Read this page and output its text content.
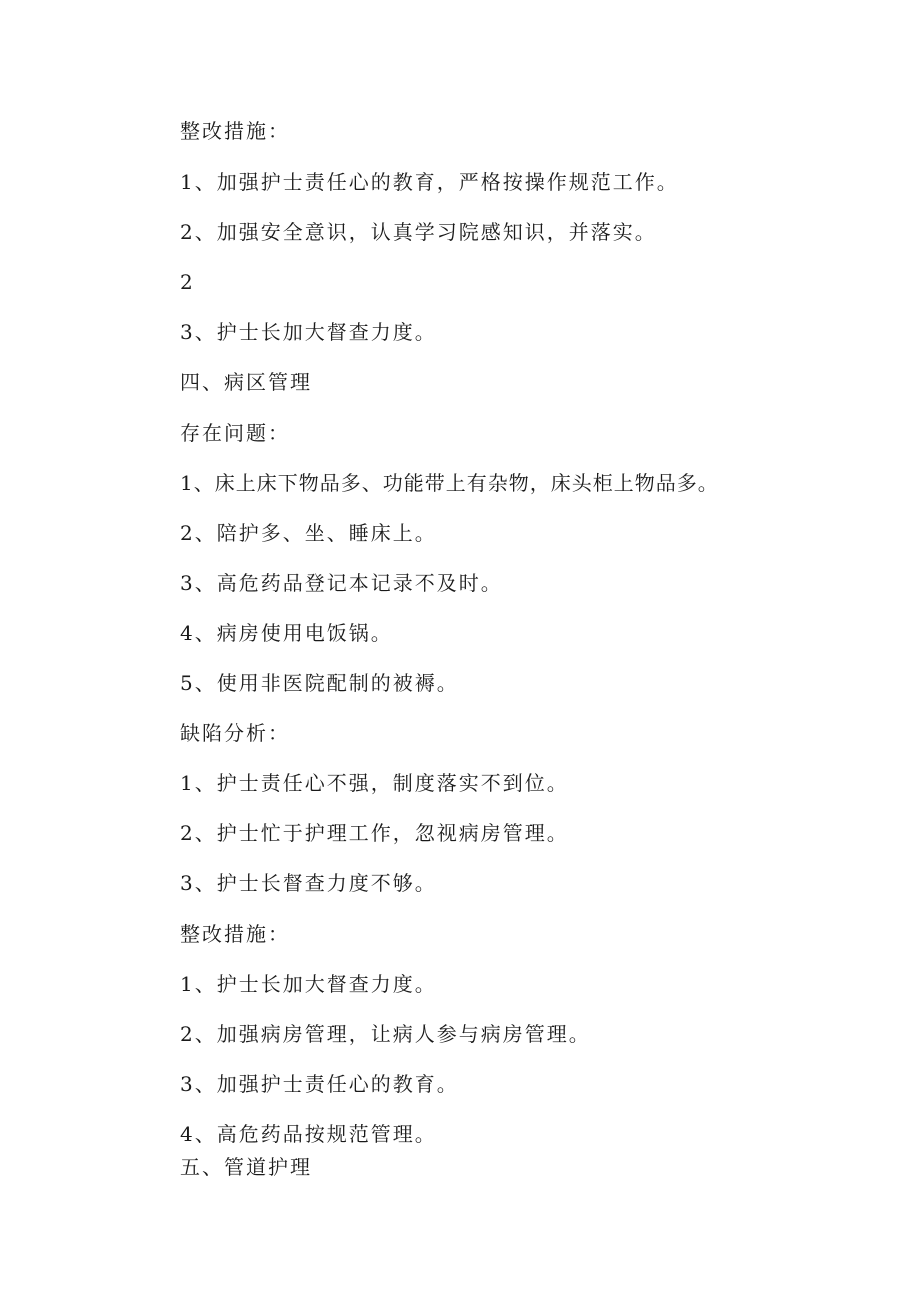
整改措施：
1、加强护士责任心的教育，严格按操作规范工作。
2、加强安全意识，认真学习院感知识，并落实。
2
3、护士长加大督查力度。
四、病区管理
存在问题：
1、床上床下物品多、功能带上有杂物，床头柜上物品多。
2、陪护多、坐、睡床上。
3、高危药品登记本记录不及时。
4、病房使用电饭锅。
5、使用非医院配制的被褥。
缺陷分析：
1、护士责任心不强，制度落实不到位。
2、护士忙于护理工作，忽视病房管理。
3、护士长督查力度不够。
整改措施：
1、护士长加大督查力度。
2、加强病房管理，让病人参与病房管理。
3、加强护士责任心的教育。
4、高危药品按规范管理。
五、管道护理
